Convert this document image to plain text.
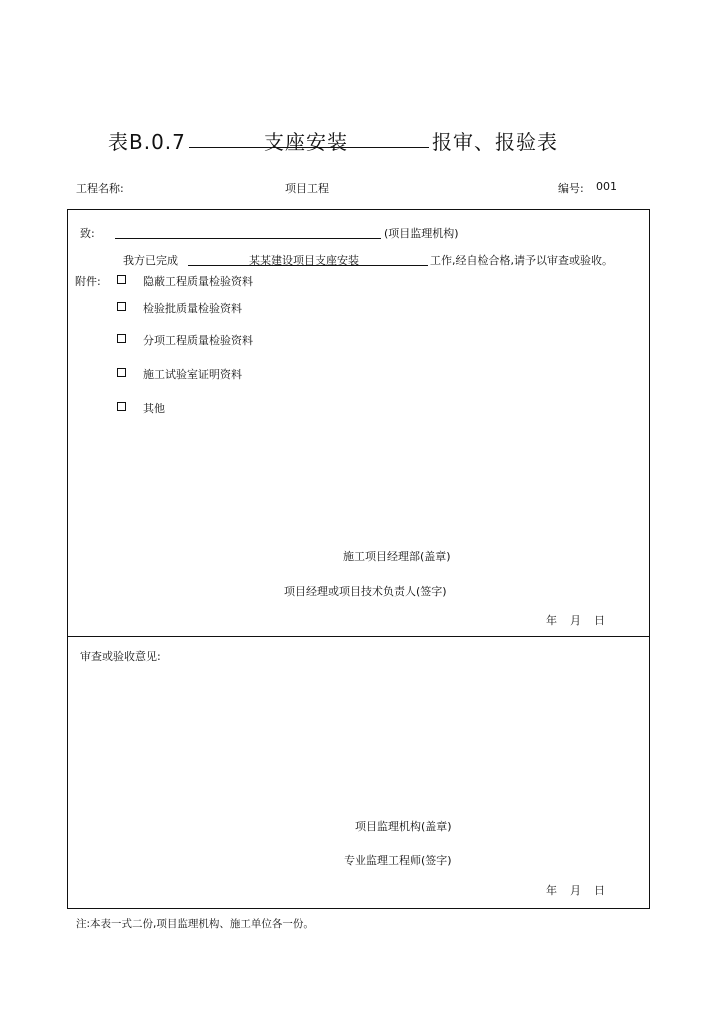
表B.0.7	支座安装	报审、报验表
工程名称:	项目工程	编号: 001
致:	(项目监理机构)
我方已完成	某某建设项目支座安装	工作,经自检合格,请予以审查或验收。
附件:	隐蔽工程质量检验资料
检验批质量检验资料
分项工程质量检验资料
施工试验室证明资料
其他
施工项目经理部(盖章)
项目经理或项目技术负责人(签字)
年 月 日
审查或验收意见:
项目监理机构(盖章)
专业监理工程师(签字)
年 月 日
注:本表一式二份,项目监理机构、施工单位各一份。
